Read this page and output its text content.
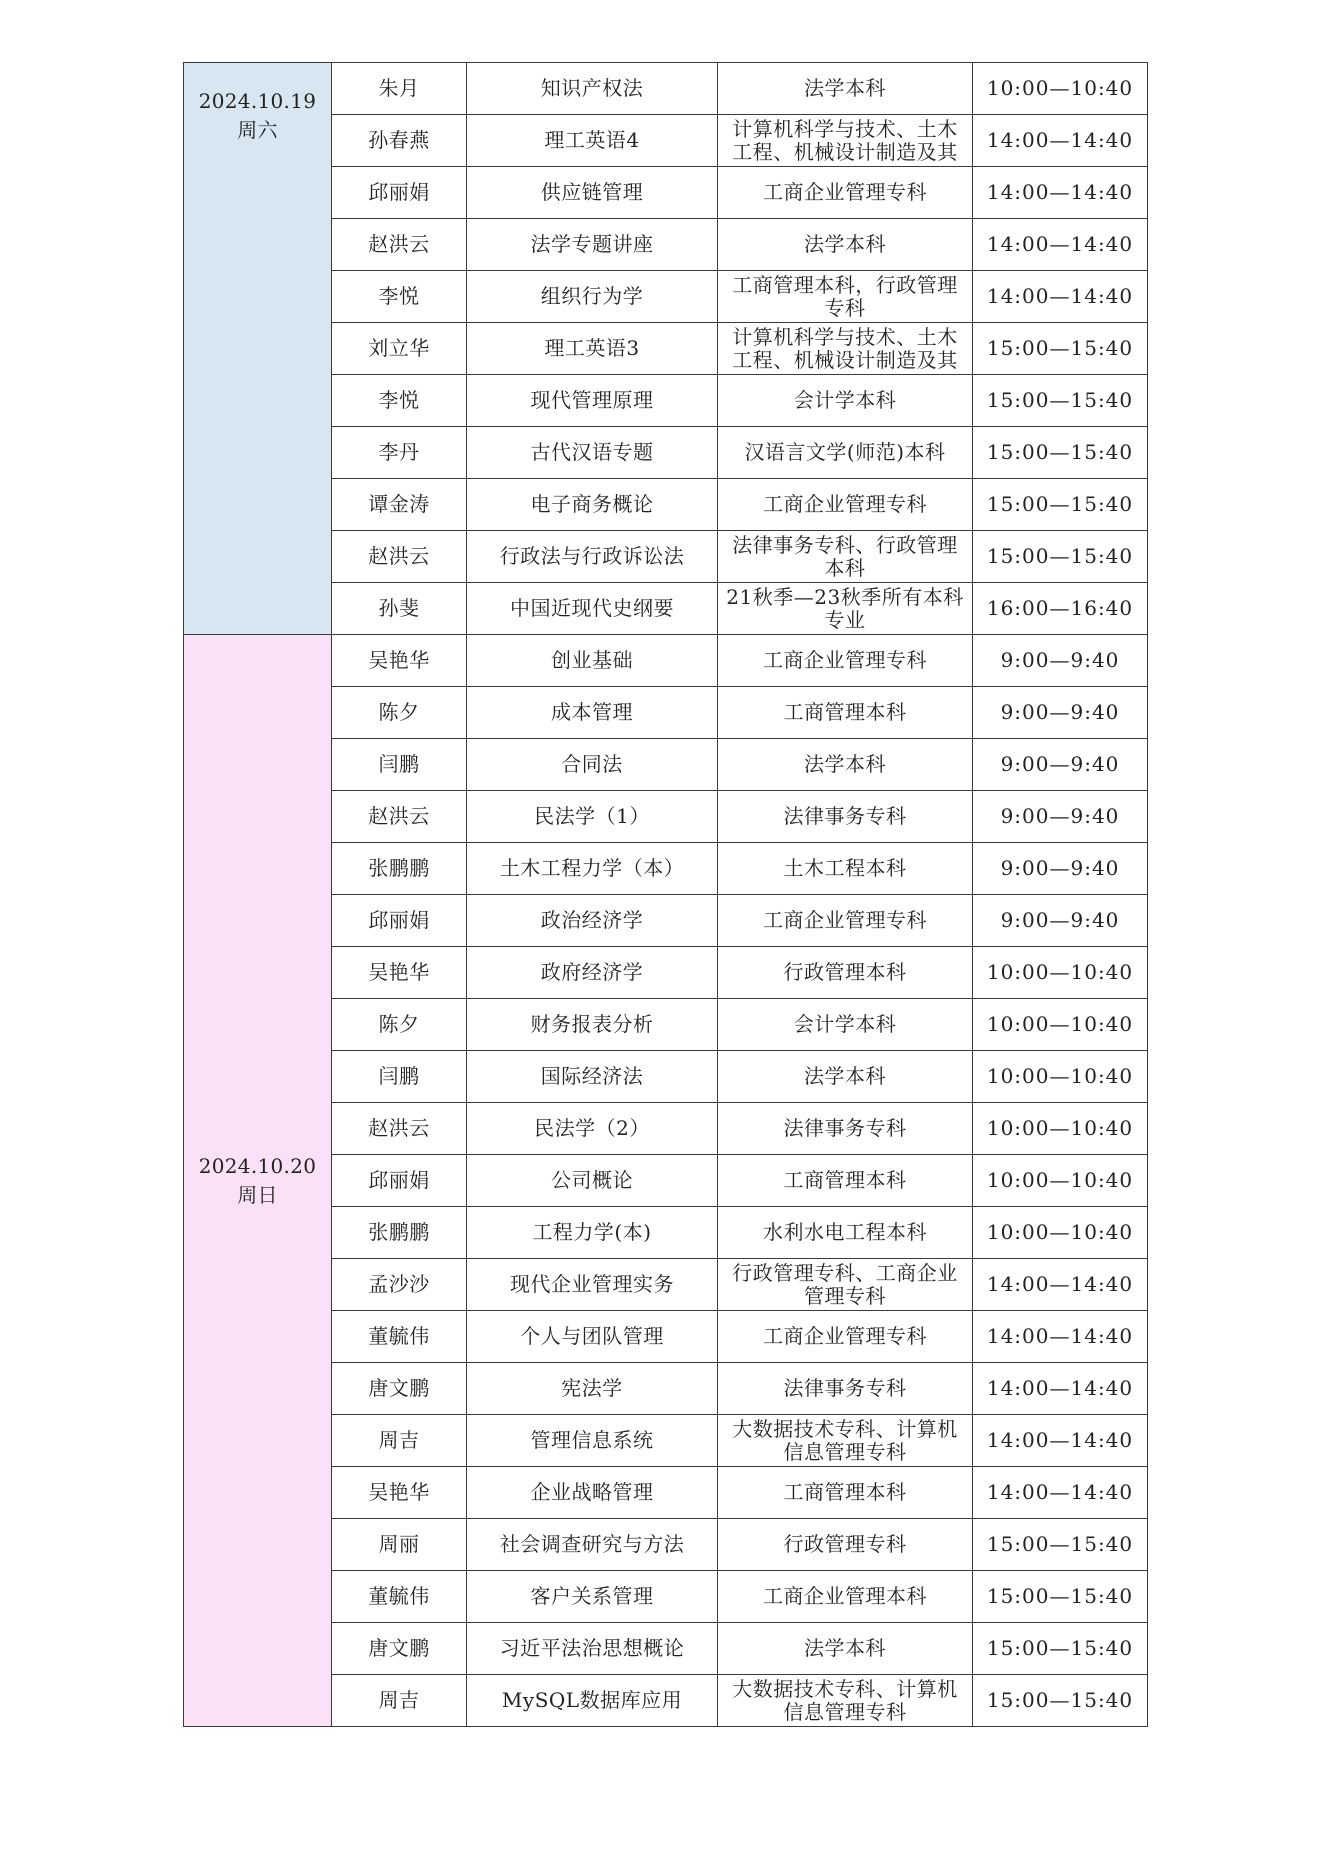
2024.10.19
周六	朱月	知识产权法	法学本科	10:00—10:40

	孙春燕	理工英语4	计算机科学与技术、土木工程、机械设计制造及其	14:00—14:40

	邱丽娟	供应链管理	工商企业管理专科	14:00—14:40

	赵洪云	法学专题讲座	法学本科	14:00—14:40

	李悦	组织行为学	工商管理本科，行政管理专科	14:00—14:40

	刘立华	理工英语3	计算机科学与技术、土木工程、机械设计制造及其	15:00—15:40

	李悦	现代管理原理	会计学本科	15:00—15:40

	李丹	古代汉语专题	汉语言文学(师范)本科	15:00—15:40

	谭金涛	电子商务概论	工商企业管理专科	15:00—15:40

	赵洪云	行政法与行政诉讼法	法律事务专科、行政管理本科	15:00—15:40

	孙斐	中国近现代史纲要	21秋季—23秋季所有本科专业	16:00—16:40

2024.10.20
周日	吴艳华	创业基础	工商企业管理专科	9:00—9:40

	陈夕	成本管理	工商管理本科	9:00—9:40

	闫鹏	合同法	法学本科	9:00—9:40

	赵洪云	民法学（1）	法律事务专科	9:00—9:40

	张鹏鹏	土木工程力学（本）	土木工程本科	9:00—9:40

	邱丽娟	政治经济学	工商企业管理专科	9:00—9:40

	吴艳华	政府经济学	行政管理本科	10:00—10:40

	陈夕	财务报表分析	会计学本科	10:00—10:40

	闫鹏	国际经济法	法学本科	10:00—10:40

	赵洪云	民法学（2）	法律事务专科	10:00—10:40

	邱丽娟	公司概论	工商管理本科	10:00—10:40

	张鹏鹏	工程力学(本)	水利水电工程本科	10:00—10:40

	孟沙沙	现代企业管理实务	行政管理专科、工商企业管理专科	14:00—14:40

	董毓伟	个人与团队管理	工商企业管理专科	14:00—14:40

	唐文鹏	宪法学	法律事务专科	14:00—14:40

	周吉	管理信息系统	大数据技术专科、计算机信息管理专科	14:00—14:40

	吴艳华	企业战略管理	工商管理本科	14:00—14:40

	周丽	社会调查研究与方法	行政管理专科	15:00—15:40

	董毓伟	客户关系管理	工商企业管理本科	15:00—15:40

	唐文鹏	习近平法治思想概论	法学本科	15:00—15:40

	周吉	MySQL数据库应用	大数据技术专科、计算机信息管理专科	15:00—15:40
